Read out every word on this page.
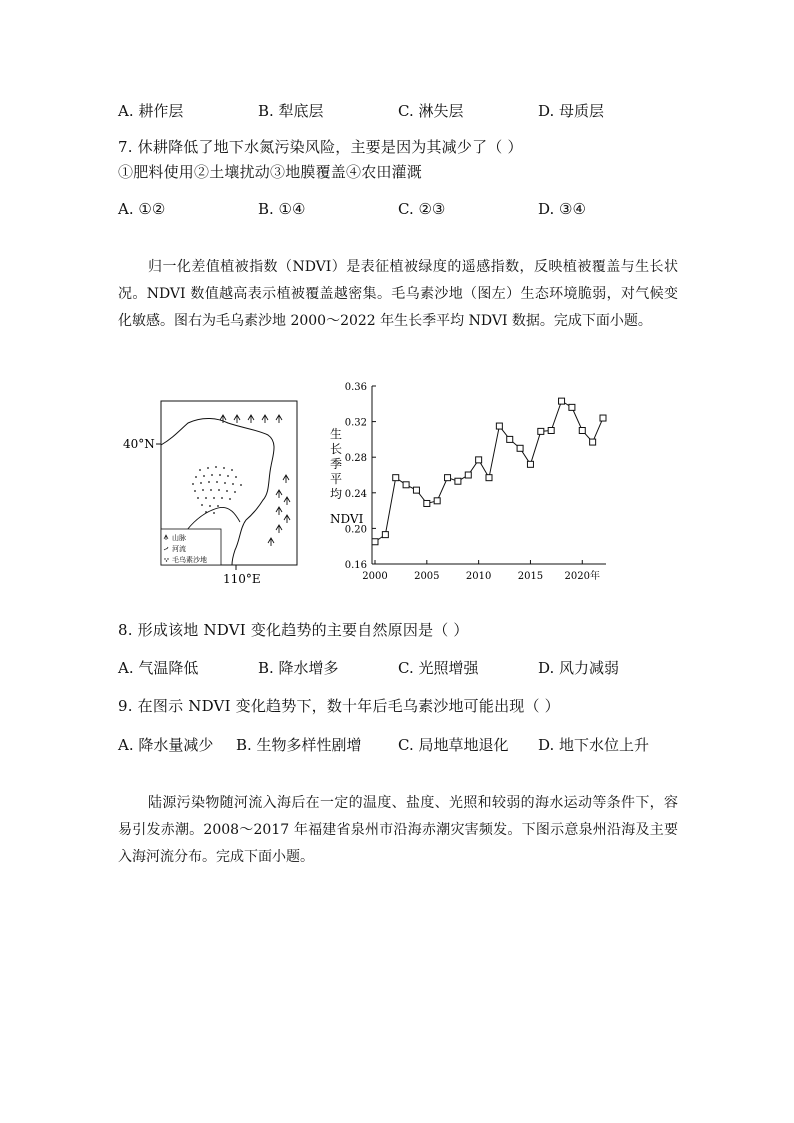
A. 耕作层	B. 犁底层	C. 淋失层	D. 母质层
7. 休耕降低了地下水氮污染风险，主要是因为其减少了（ ）
①肥料使用②土壤扰动③地膜覆盖④农田灌溉
A. ①②	B. ①④	C. ②③	D. ③④
归一化差值植被指数（NDVI）是表征植被绿度的遥感指数，反映植被覆盖与生长状况。NDVI 数值越高表示植被覆盖越密集。毛乌素沙地（图左）生态环境脆弱，对气候变化敏感。图右为毛乌素沙地 2000～2022 年生长季平均 NDVI 数据。完成下面小题。
40°N
山脉
河流
毛乌素沙地
110°E
生长季平均 NDVI
0.16
0.20
0.24
0.28
0.32
0.36
2000	2005	2010	2015 2020年
8. 形成该地 NDVI 变化趋势的主要自然原因是（ ）
A. 气温降低	B. 降水增多	C. 光照增强	D. 风力减弱
9. 在图示 NDVI 变化趋势下，数十年后毛乌素沙地可能出现（ ）
A. 降水量减少 B. 生物多样性剧增 C. 局地草地退化 D. 地下水位上升
陆源污染物随河流入海后在一定的温度、盐度、光照和较弱的海水运动等条件下，容易引发赤潮。2008～2017 年福建省泉州市沿海赤潮灾害频发。下图示意泉州沿海及主要入海河流分布。完成下面小题。
